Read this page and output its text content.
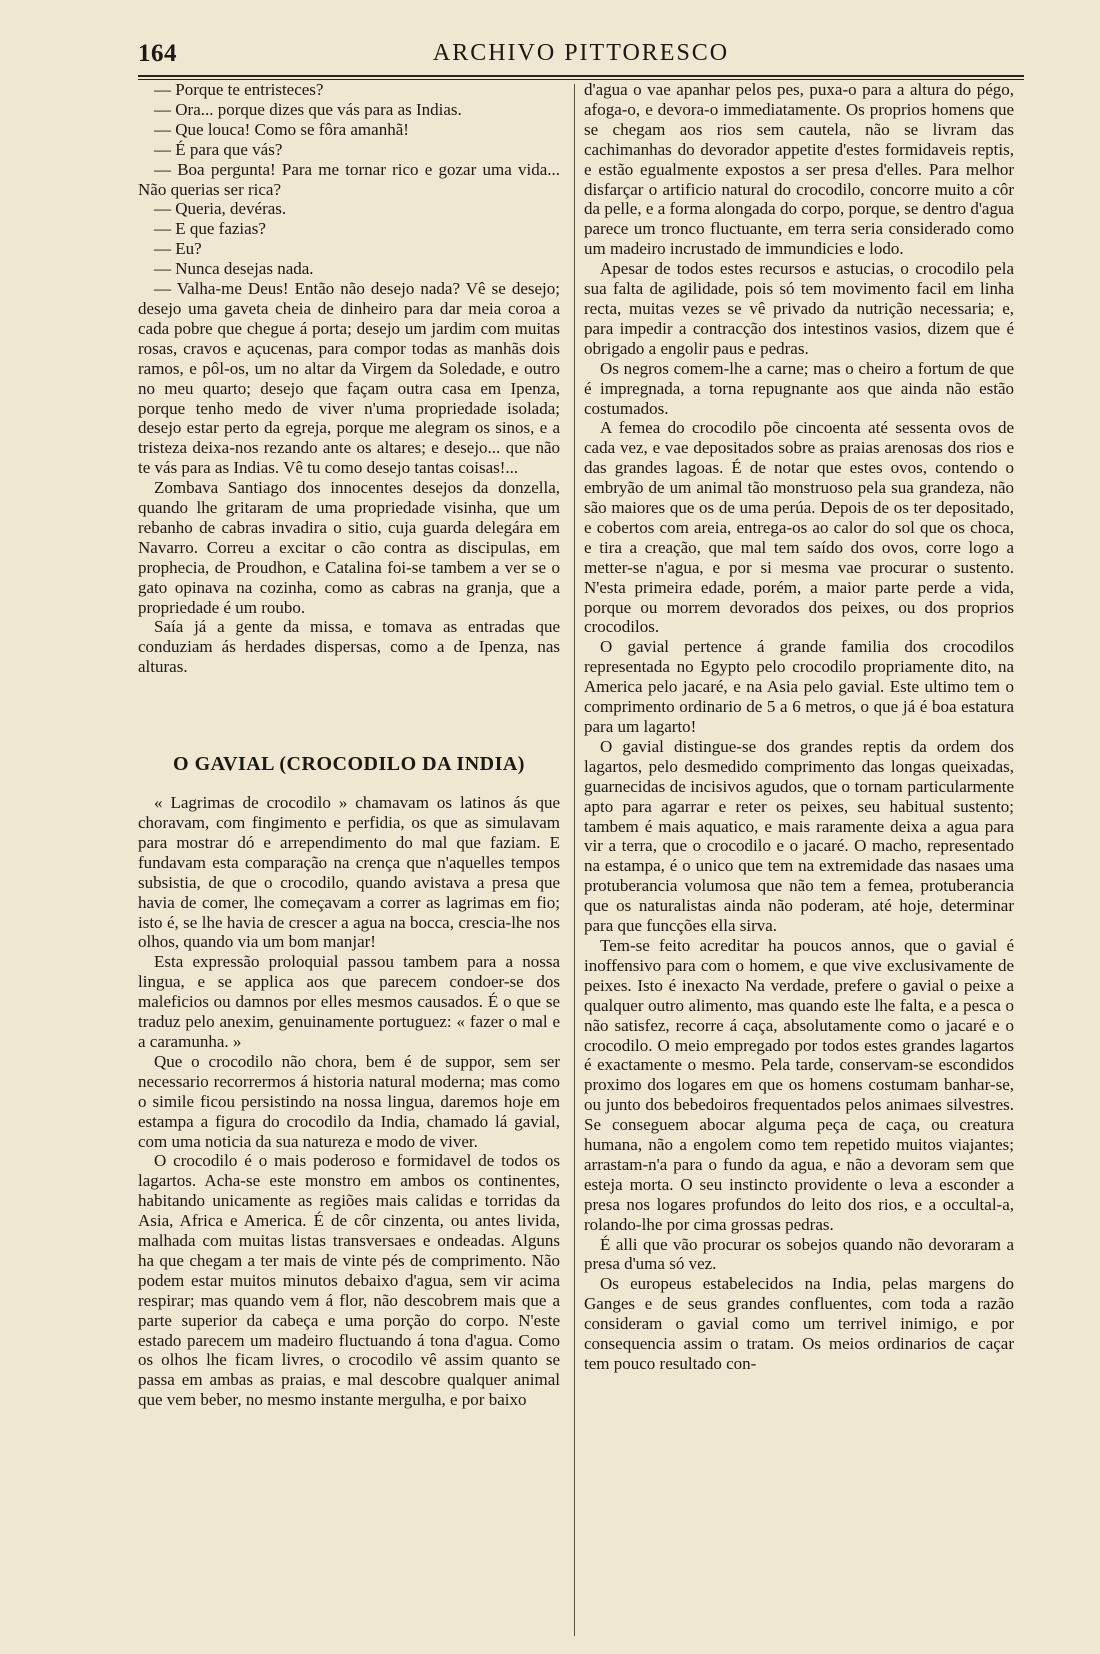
164	ARCHIVO PITTORESCO

— Porque te entristeces?

— Ora... porque dizes que vás para as Indias.

— Que louca! Como se fôra amanhã!

— É para que vás?

— Boa pergunta! Para me tornar rico e gozar uma vida... Não querias ser rica?

— Queria, devéras.

— E que fazias?

— Eu?

— Nunca desejas nada.

— Valha-me Deus! Então não desejo nada? Vê se desejo; desejo uma gaveta cheia de dinheiro para dar meia coroa a cada pobre que chegue á porta; desejo um jardim com muitas rosas, cravos e açucenas, para compor todas as manhãs dois ramos, e pôl-os, um no altar da Virgem da Soledade, e outro no meu quarto; desejo que façam outra casa em Ipenza, porque tenho medo de viver n'uma propriedade isolada; desejo estar perto da egreja, porque me alegram os sinos, e a tristeza deixa-nos rezando ante os altares; e desejo... que não te vás para as Indias. Vê tu como desejo tantas coisas!...

Zombava Santiago dos innocentes desejos da donzella, quando lhe gritaram de uma propriedade visinha, que um rebanho de cabras invadira o sitio, cuja guarda delegára em Navarro. Correu a excitar o cão contra as discipulas, em prophecia, de Proudhon, e Catalina foi-se tambem a ver se o gato opinava na cozinha, como as cabras na granja, que a propriedade é um roubo.

Saía já a gente da missa, e tomava as entradas que conduziam ás herdades dispersas, como a de Ipenza, nas alturas.

O GAVIAL (CROCODILO DA INDIA)

« Lagrimas de crocodilo » chamavam os latinos ás que choravam, com fingimento e perfidia, os que as simulavam para mostrar dó e arrependimento do mal que faziam. E fundavam esta comparação na crença que n'aquelles tempos subsistia, de que o crocodilo, quando avistava a presa que havia de comer, lhe começavam a correr as lagrimas em fio; isto é, se lhe havia de crescer a agua na bocca, crescia-lhe nos olhos, quando via um bom manjar!

Esta expressão proloquial passou tambem para a nossa lingua, e se applica aos que parecem condoer-se dos maleficios ou damnos por elles mesmos causados. É o que se traduz pelo anexim, genuinamente portuguez: « fazer o mal e a caramunha. »

Que o crocodilo não chora, bem é de suppor, sem ser necessario recorrermos á historia natural moderna; mas como o simile ficou persistindo na nossa lingua, daremos hoje em estampa a figura do crocodilo da India, chamado lá gavial, com uma noticia da sua natureza e modo de viver.

O crocodilo é o mais poderoso e formidavel de todos os lagartos. Acha-se este monstro em ambos os continentes, habitando unicamente as regiões mais calidas e torridas da Asia, Africa e America. É de côr cinzenta, ou antes livida, malhada com muitas listas transversaes e ondeadas. Alguns ha que chegam a ter mais de vinte pés de comprimento. Não podem estar muitos minutos debaixo d'agua, sem vir acima respirar; mas quando vem á flor, não descobrem mais que a parte superior da cabeça e uma porção do corpo. N'este estado parecem um madeiro fluctuando á tona d'agua. Como os olhos lhe ficam livres, o crocodilo vê assim quanto se passa em ambas as praias, e mal descobre qualquer animal que vem beber, no mesmo instante mergulha, e por baixo

d'agua o vae apanhar pelos pes, puxa-o para a altura do pégo, afoga-o, e devora-o immediatamente. Os proprios homens que se chegam aos rios sem cautela, não se livram das cachimanhas do devorador appetite d'estes formidaveis reptis, e estão egualmente expostos a ser presa d'elles. Para melhor disfarçar o artificio natural do crocodilo, concorre muito a côr da pelle, e a forma alongada do corpo, porque, se dentro d'agua parece um tronco fluctuante, em terra seria considerado como um madeiro incrustado de immundicies e lodo.

Apesar de todos estes recursos e astucias, o crocodilo pela sua falta de agilidade, pois só tem movimento facil em linha recta, muitas vezes se vê privado da nutrição necessaria; e, para impedir a contracção dos intestinos vasios, dizem que é obrigado a engolir paus e pedras.

Os negros comem-lhe a carne; mas o cheiro a fortum de que é impregnada, a torna repugnante aos que ainda não estão costumados.

A femea do crocodilo põe cincoenta até sessenta ovos de cada vez, e vae depositados sobre as praias arenosas dos rios e das grandes lagoas. É de notar que estes ovos, contendo o embryão de um animal tão monstruoso pela sua grandeza, não são maiores que os de uma perúa. Depois de os ter depositado, e cobertos com areia, entrega-os ao calor do sol que os choca, e tira a creação, que mal tem saído dos ovos, corre logo a metter-se n'agua, e por si mesma vae procurar o sustento. N'esta primeira edade, porém, a maior parte perde a vida, porque ou morrem devorados dos peixes, ou dos proprios crocodilos.

O gavial pertence á grande familia dos crocodilos representada no Egypto pelo crocodilo propriamente dito, na America pelo jacaré, e na Asia pelo gavial. Este ultimo tem o comprimento ordinario de 5 a 6 metros, o que já é boa estatura para um lagarto!

O gavial distingue-se dos grandes reptis da ordem dos lagartos, pelo desmedido comprimento das longas queixadas, guarnecidas de incisivos agudos, que o tornam particularmente apto para agarrar e reter os peixes, seu habitual sustento; tambem é mais aquatico, e mais raramente deixa a agua para vir a terra, que o crocodilo e o jacaré. O macho, representado na estampa, é o unico que tem na extremidade das nasaes uma protuberancia volumosa que não tem a femea, protuberancia que os naturalistas ainda não poderam, até hoje, determinar para que funcções ella sirva.

Tem-se feito acreditar ha poucos annos, que o gavial é inoffensivo para com o homem, e que vive exclusivamente de peixes. Isto é inexacto Na verdade, prefere o gavial o peixe a qualquer outro alimento, mas quando este lhe falta, e a pesca o não satisfez, recorre á caça, absolutamente como o jacaré e o crocodilo. O meio empregado por todos estes grandes lagartos é exactamente o mesmo. Pela tarde, conservam-se escondidos proximo dos logares em que os homens costumam banhar-se, ou junto dos bebedoiros frequentados pelos animaes silvestres. Se conseguem abocar alguma peça de caça, ou creatura humana, não a engolem como tem repetido muitos viajantes; arrastam-n'a para o fundo da agua, e não a devoram sem que esteja morta. O seu instincto providente o leva a esconder a presa nos logares profundos do leito dos rios, e a occultal-a, rolando-lhe por cima grossas pedras.

É alli que vão procurar os sobejos quando não devoraram a presa d'uma só vez.

Os europeus estabelecidos na India, pelas margens do Ganges e de seus grandes confluentes, com toda a razão consideram o gavial como um terrivel inimigo, e por consequencia assim o tratam. Os meios ordinarios de caçar tem pouco resultado con-
